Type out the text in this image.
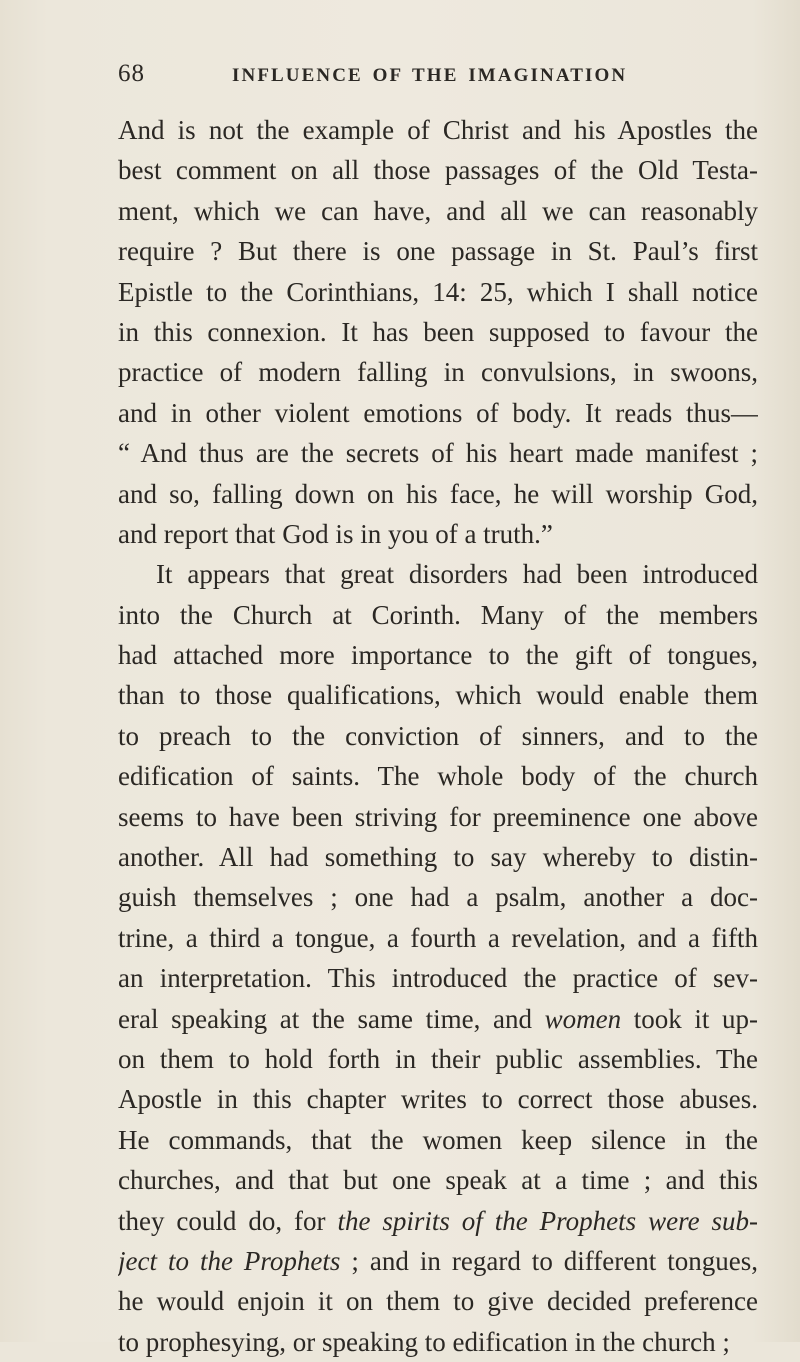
68	INFLUENCE OF THE IMAGINATION
And is not the example of Christ and his Apostles the
best comment on all those passages of the Old Testa-
ment, which we can have, and all we can reasonably
require ? But there is one passage in St. Paul’s first
Epistle to the Corinthians, 14: 25, which I shall notice
in this connexion. It has been supposed to favour the
practice of modern falling in convulsions, in swoons,
and in other violent emotions of body. It reads thus—
“ And thus are the secrets of his heart made manifest ;
and so, falling down on his face, he will worship God,
and report that God is in you of a truth.”
It appears that great disorders had been introduced
into the Church at Corinth. Many of the members
had attached more importance to the gift of tongues,
than to those qualifications, which would enable them
to preach to the conviction of sinners, and to the
edification of saints. The whole body of the church
seems to have been striving for preeminence one above
another. All had something to say whereby to distin-
guish themselves ; one had a psalm, another a doc-
trine, a third a tongue, a fourth a revelation, and a fifth
an interpretation. This introduced the practice of sev-
eral speaking at the same time, and women took it up-
on them to hold forth in their public assemblies. The
Apostle in this chapter writes to correct those abuses.
He commands, that the women keep silence in the
churches, and that but one speak at a time ; and this
they could do, for the spirits of the Prophets were sub-
ject to the Prophets ; and in regard to different tongues,
he would enjoin it on them to give decided preference
to prophesying, or speaking to edification in the church ;
